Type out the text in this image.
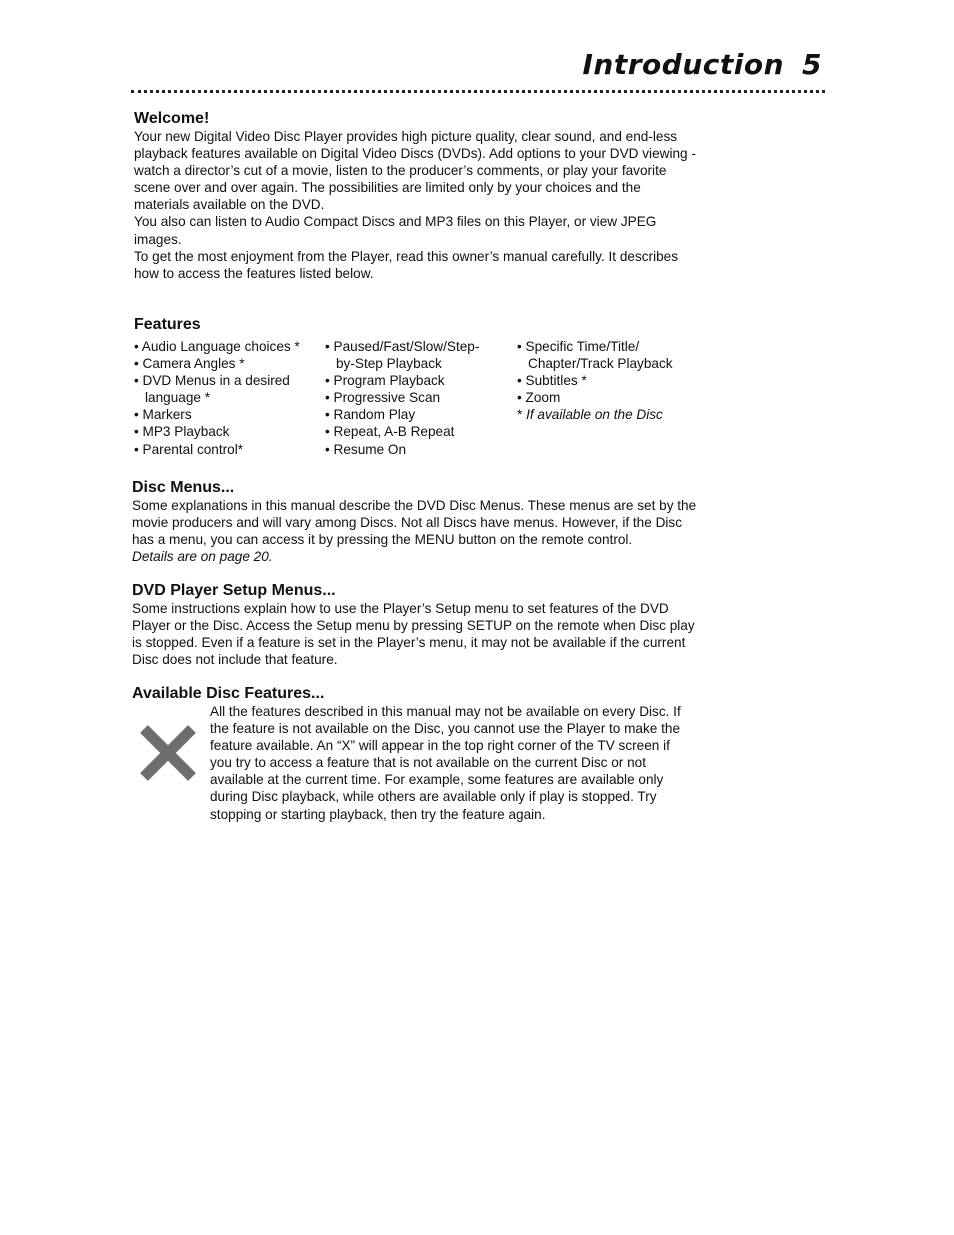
Introduction 5
Welcome!

Your new Digital Video Disc Player provides high picture quality, clear sound, and end-less playback features available on Digital Video Discs (DVDs). Add options to your DVD viewing - watch a director’s cut of a movie, listen to the producer’s comments, or play your favorite scene over and over again. The possibilities are limited only by your choices and the materials available on the DVD.

You also can listen to Audio Compact Discs and MP3 files on this Player, or view JPEG images.

To get the most enjoyment from the Player, read this owner’s manual carefully. It describes how to access the features listed below.

Features
• Audio Language choices *
• Camera Angles *
• DVD Menus in a desired
language *
• Markers
• MP3 Playback
• Parental control*
• Paused/Fast/Slow/Step-
by-Step Playback
• Program Playback
• Progressive Scan
• Random Play
• Repeat, A-B Repeat
• Resume On
• Specific Time/Title/
Chapter/Track Playback
• Subtitles *
• Zoom
* If available on the Disc
Disc Menus...

Some explanations in this manual describe the DVD Disc Menus. These menus are set by the movie producers and will vary among Discs. Not all Discs have menus. However, if the Disc has a menu, you can access it by pressing the MENU button on the remote control.
Details are on page 20.

DVD Player Setup Menus...

Some instructions explain how to use the Player’s Setup menu to set features of the DVD Player or the Disc. Access the Setup menu by pressing SETUP on the remote when Disc play is stopped. Even if a feature is set in the Player’s menu, it may not be available if the current Disc does not include that feature.

Available Disc Features...

All the features described in this manual may not be available on every Disc. If the feature is not available on the Disc, you cannot use the Player to make the feature available. An “X” will appear in the top right corner of the TV screen if you try to access a feature that is not available on the current Disc or not available at the current time. For example, some features are available only during Disc playback, while others are available only if play is stopped. Try stopping or starting playback, then try the feature again.
